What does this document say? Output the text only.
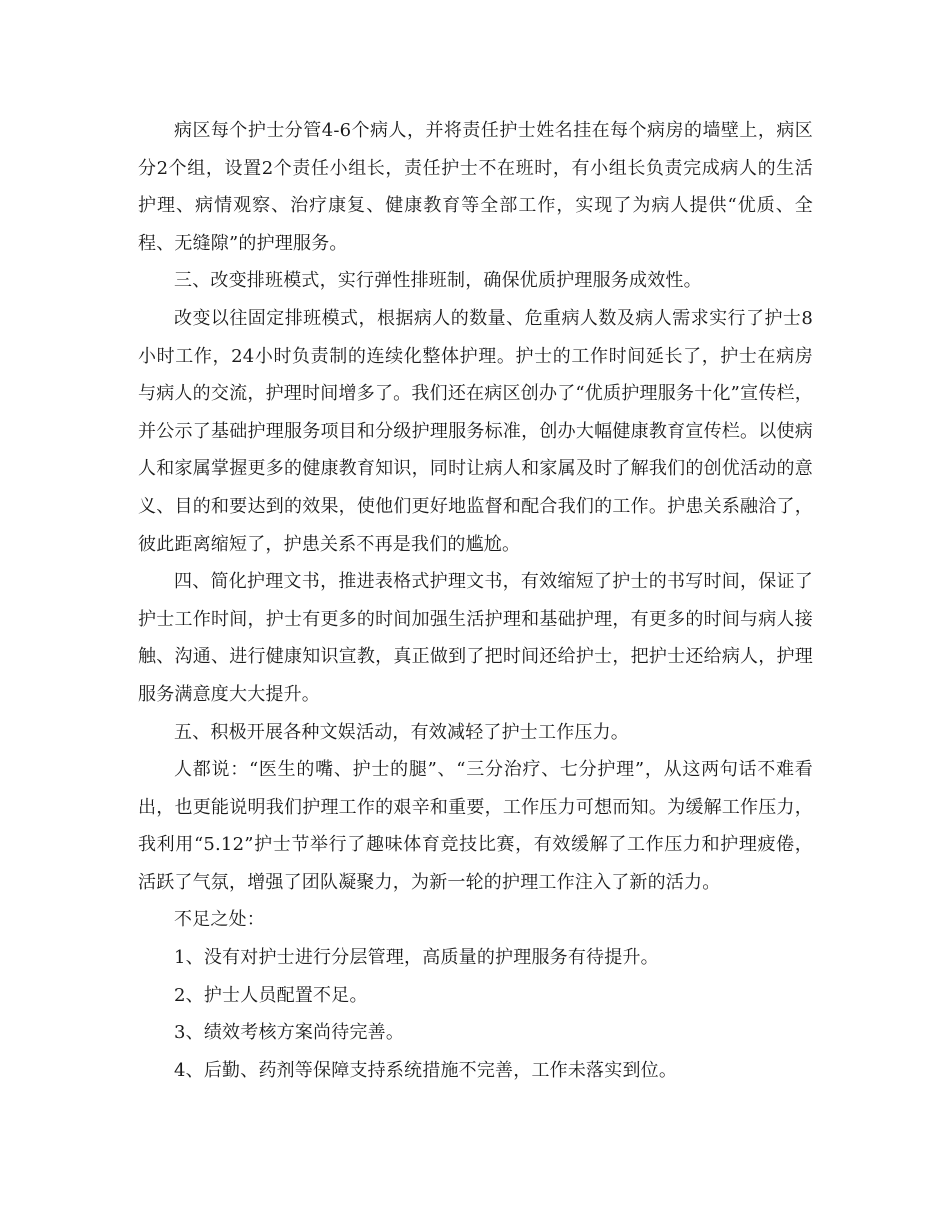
病区每个护士分管4-6个病人，并将责任护士姓名挂在每个病房的墙壁上，病区分2个组，设置2个责任小组长，责任护士不在班时，有小组长负责完成病人的生活护理、病情观察、治疗康复、健康教育等全部工作，实现了为病人提供“优质、全程、无缝隙”的护理服务。

三、改变排班模式，实行弹性排班制，确保优质护理服务成效性。

改变以往固定排班模式，根据病人的数量、危重病人数及病人需求实行了护士8小时工作，24小时负责制的连续化整体护理。护士的工作时间延长了，护士在病房与病人的交流，护理时间增多了。我们还在病区创办了“优质护理服务十化”宣传栏，并公示了基础护理服务项目和分级护理服务标准，创办大幅健康教育宣传栏。以使病人和家属掌握更多的健康教育知识，同时让病人和家属及时了解我们的创优活动的意义、目的和要达到的效果，使他们更好地监督和配合我们的工作。护患关系融洽了，彼此距离缩短了，护患关系不再是我们的尴尬。

四、简化护理文书，推进表格式护理文书，有效缩短了护士的书写时间，保证了护士工作时间，护士有更多的时间加强生活护理和基础护理，有更多的时间与病人接触、沟通、进行健康知识宣教，真正做到了把时间还给护士，把护士还给病人，护理服务满意度大大提升。

五、积极开展各种文娱活动，有效减轻了护士工作压力。

人都说：“医生的嘴、护士的腿”、“三分治疗、七分护理”，从这两句话不难看出，也更能说明我们护理工作的艰辛和重要，工作压力可想而知。为缓解工作压力，我利用“5.12”护士节举行了趣味体育竞技比赛，有效缓解了工作压力和护理疲倦，活跃了气氛，增强了团队凝聚力，为新一轮的护理工作注入了新的活力。

不足之处：

1、没有对护士进行分层管理，高质量的护理服务有待提升。

2、护士人员配置不足。

3、绩效考核方案尚待完善。

4、后勤、药剂等保障支持系统措施不完善，工作未落实到位。
